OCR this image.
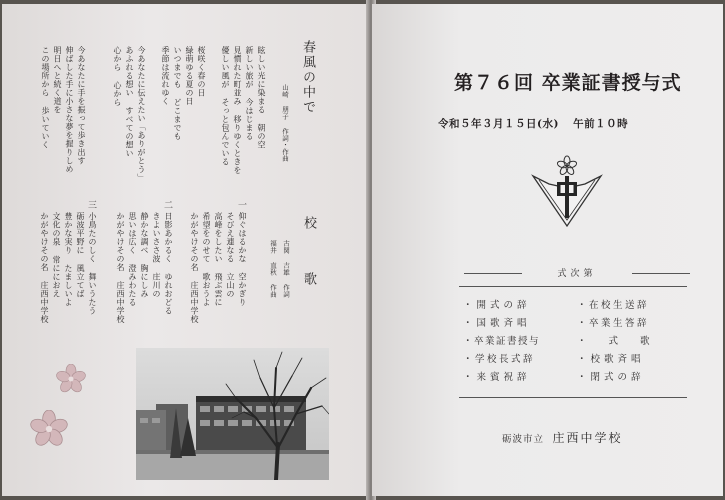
春風の中で
山崎 朋子 作詞・作曲
眩しい光に染まる 朝の空
新しい旅が 今はじまる
見慣れた町並み 移りゆくときを
優しい風が そっと包んでいる
桜咲く春の日
緑萌ゆる夏の日
いつまでも どこまでも
季節は流れゆく
今あなたに伝えたい「ありがとう」
あふれる想い すべての想い
心から 心から
今あなたに手を振って歩き出す
伸ばした手に小さな夢を握りしめ
明日へと続く道を
この場所から 歩いていく
校 歌
古関 吉雄 作詞
福井 直秋 作曲
一
仰ぐはるかな 空かぎり
そびえ連なる 立山の
高峰をしたい 飛ぶ雲に
希望をのせて 歌おうよ
かがやけその名 庄西中学校
二
日影あかるく ゆれおどる
きよいささ波 庄川の
静かな調べ 胸にしみ
思いは広く 澄みわたる
かがやけその名 庄西中学校
三
小鳥たのしく 舞いうたう
砺波平野に 風立てば
豊かな実り たましいよ
文化の泉 常ににおえ
かがやけその名 庄西中学校
第７６回 卒業証書授与式
令和５年３月１５日(水) 午前１０時
式次第
・開式の辞
・国歌斉唱
・卒業証書授与
・学校長式辞
・来賓祝辞
・在校生送辞
・卒業生答辞
・式歌
・校歌斉唱
・閉式の辞
砺波市立 庄西中学校
